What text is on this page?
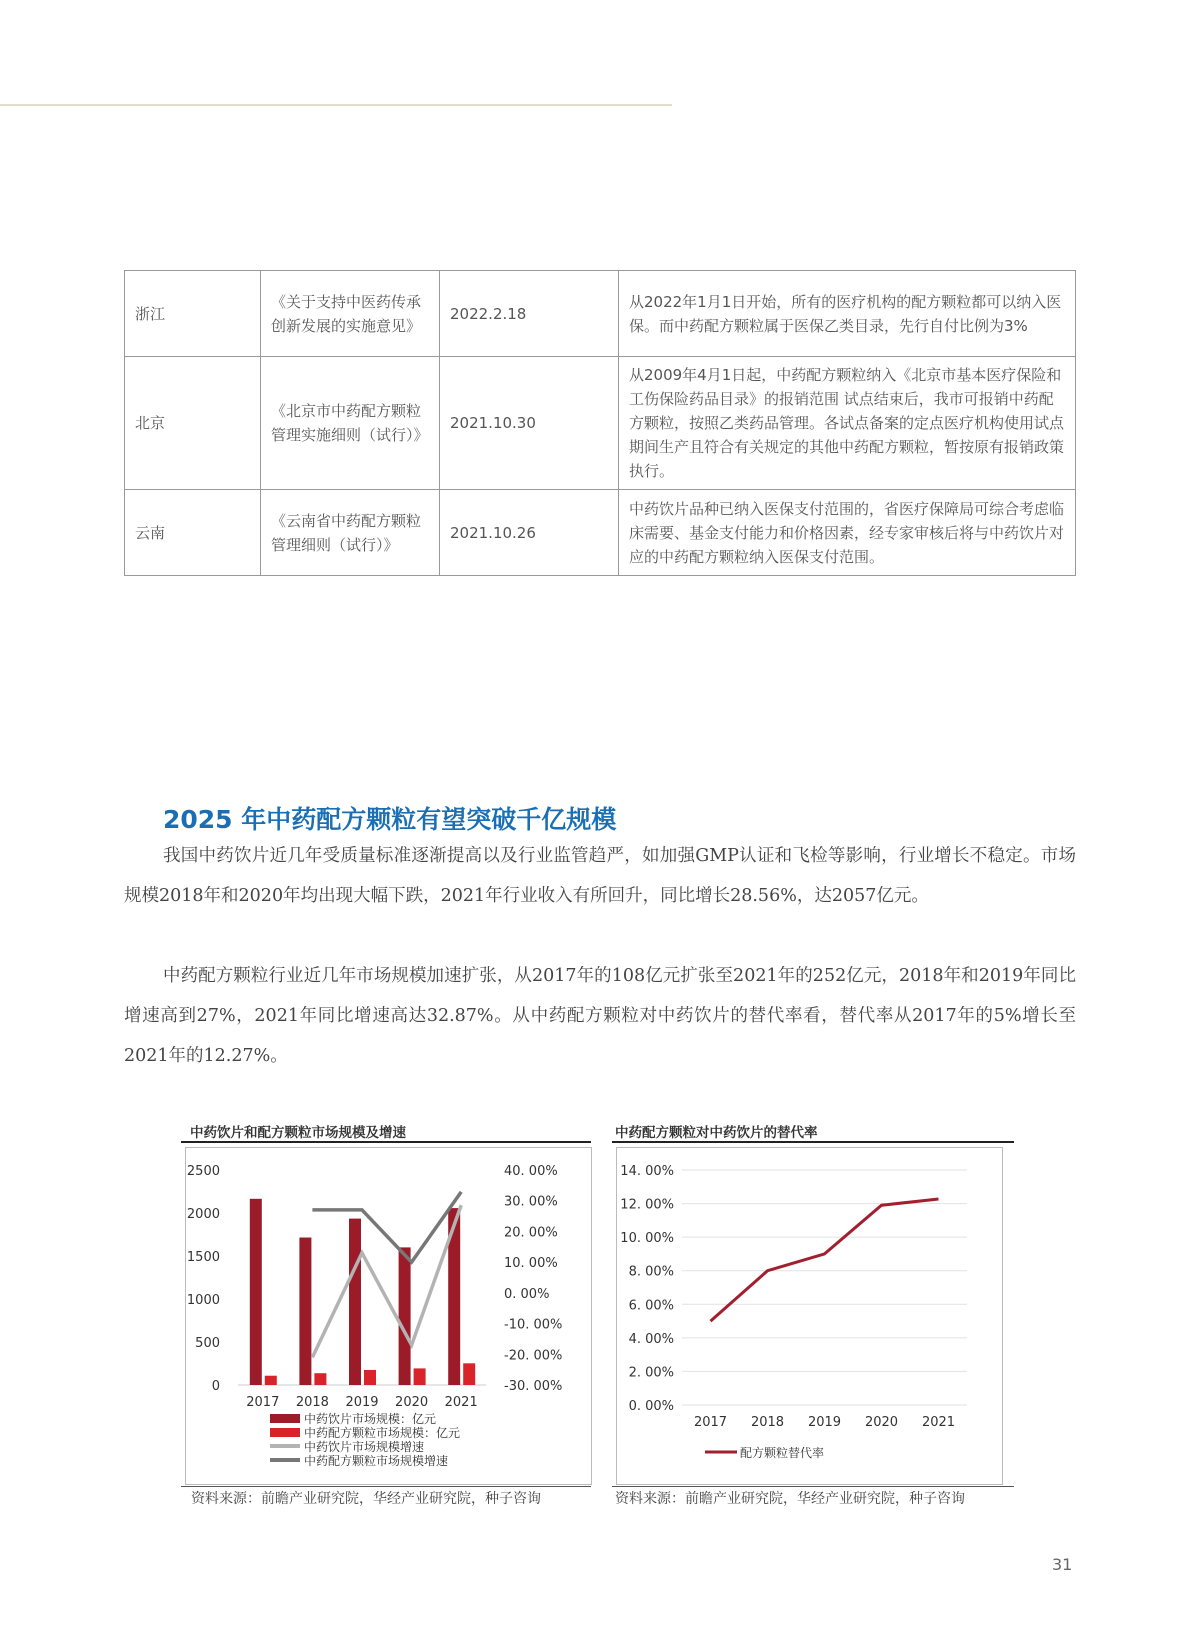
浙江	《关于支持中医药传承创新发展的实施意见》	2022.2.18	从2022年1月1日开始，所有的医疗机构的配方颗粒都可以纳入医保。而中药配方颗粒属于医保乙类目录，先行自付比例为3%
北京	《北京市中药配方颗粒管理实施细则（试行）》	2021.10.30	从2009年4月1日起，中药配方颗粒纳入《北京市基本医疗保险和工伤保险药品目录》的报销范围 试点结束后，我市可报销中药配方颗粒，按照乙类药品管理。各试点备案的定点医疗机构使用试点期间生产且符合有关规定的其他中药配方颗粒，暂按原有报销政策执行。
云南	《云南省中药配方颗粒管理细则（试行）》	2021.10.26	中药饮片品种已纳入医保支付范围的，省医疗保障局可综合考虑临床需要、基金支付能力和价格因素，经专家审核后将与中药饮片对应的中药配方颗粒纳入医保支付范围。
2025 年中药配方颗粒有望突破千亿规模

我国中药饮片近几年受质量标准逐渐提高以及行业监管趋严，如加强GMP认证和飞检等影响，行业增长不稳定。市场规模2018年和2020年均出现大幅下跌，2021年行业收入有所回升，同比增长28.56%，达2057亿元。

中药配方颗粒行业近几年市场规模加速扩张，从2017年的108亿元扩张至2021年的252亿元，2018年和2019年同比增速高到27%，2021年同比增速高达32.87%。从中药配方颗粒对中药饮片的替代率看，替代率从2017年的5%增长至2021年的12.27%。

中药饮片和配方颗粒市场规模及增速
2500
2000
1500
1000
500
0
40. 00%
30. 00%
20. 00%
10. 00%
0. 00%
-10. 00%
-20. 00%
-30. 00%
2017 2018 2019 2020 2021
中药饮片市场规模：亿元
中药配方颗粒市场规模：亿元
中药饮片市场规模增速
中药配方颗粒市场规模增速
资料来源：前瞻产业研究院，华经产业研究院，种子咨询
中药配方颗粒对中药饮片的替代率
14. 00%
12. 00%
10. 00%
8. 00%
6. 00%
4. 00%
2. 00%
0. 00%
2017 2018 2019 2020 2021
配方颗粒替代率
资料来源：前瞻产业研究院，华经产业研究院，种子咨询
31
